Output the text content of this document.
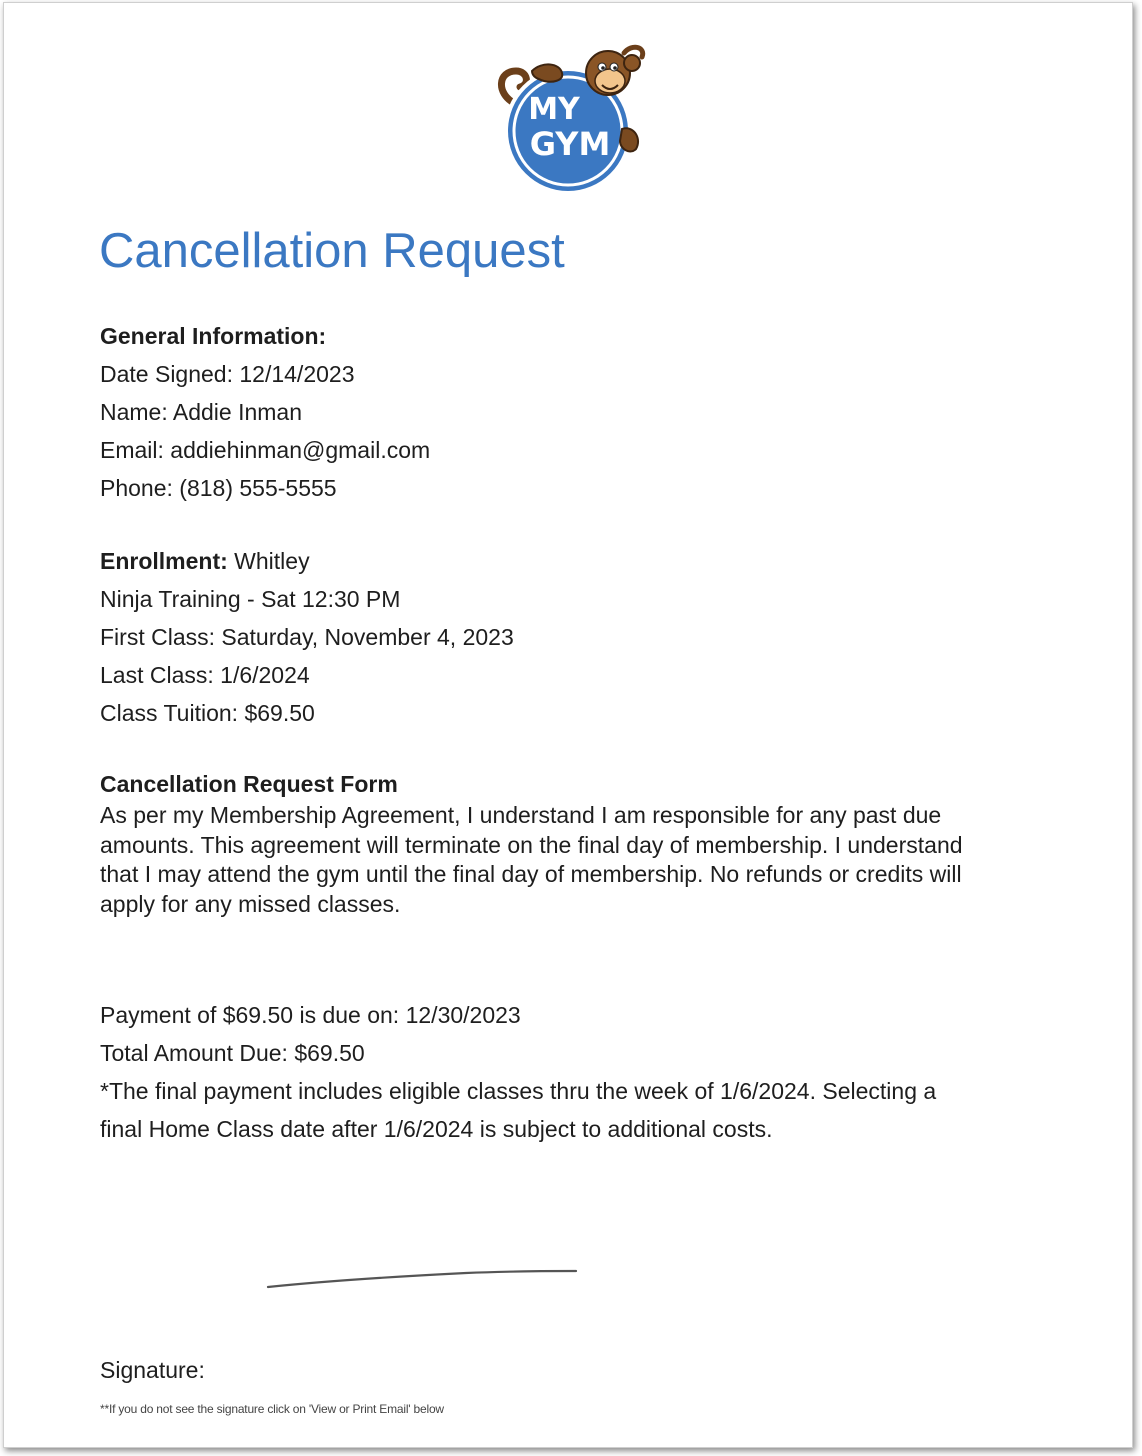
MY
GYM
Cancellation Request
General Information:
Date Signed: 12/14/2023
Name: Addie Inman
Email: addiehinman@gmail.com
Phone: (818) 555-5555
Enrollment: Whitley
Ninja Training - Sat 12:30 PM
First Class: Saturday, November 4, 2023
Last Class: 1/6/2024
Class Tuition: $69.50
Cancellation Request Form
As per my Membership Agreement, I understand I am responsible for any past due
amounts. This agreement will terminate on the final day of membership. I understand
that I may attend the gym until the final day of membership. No refunds or credits will
apply for any missed classes.
Payment of $69.50 is due on: 12/30/2023
Total Amount Due: $69.50
*The final payment includes eligible classes thru the week of 1/6/2024. Selecting a
final Home Class date after 1/6/2024 is subject to additional costs.
Signature:
**If you do not see the signature click on 'View or Print Email' below
